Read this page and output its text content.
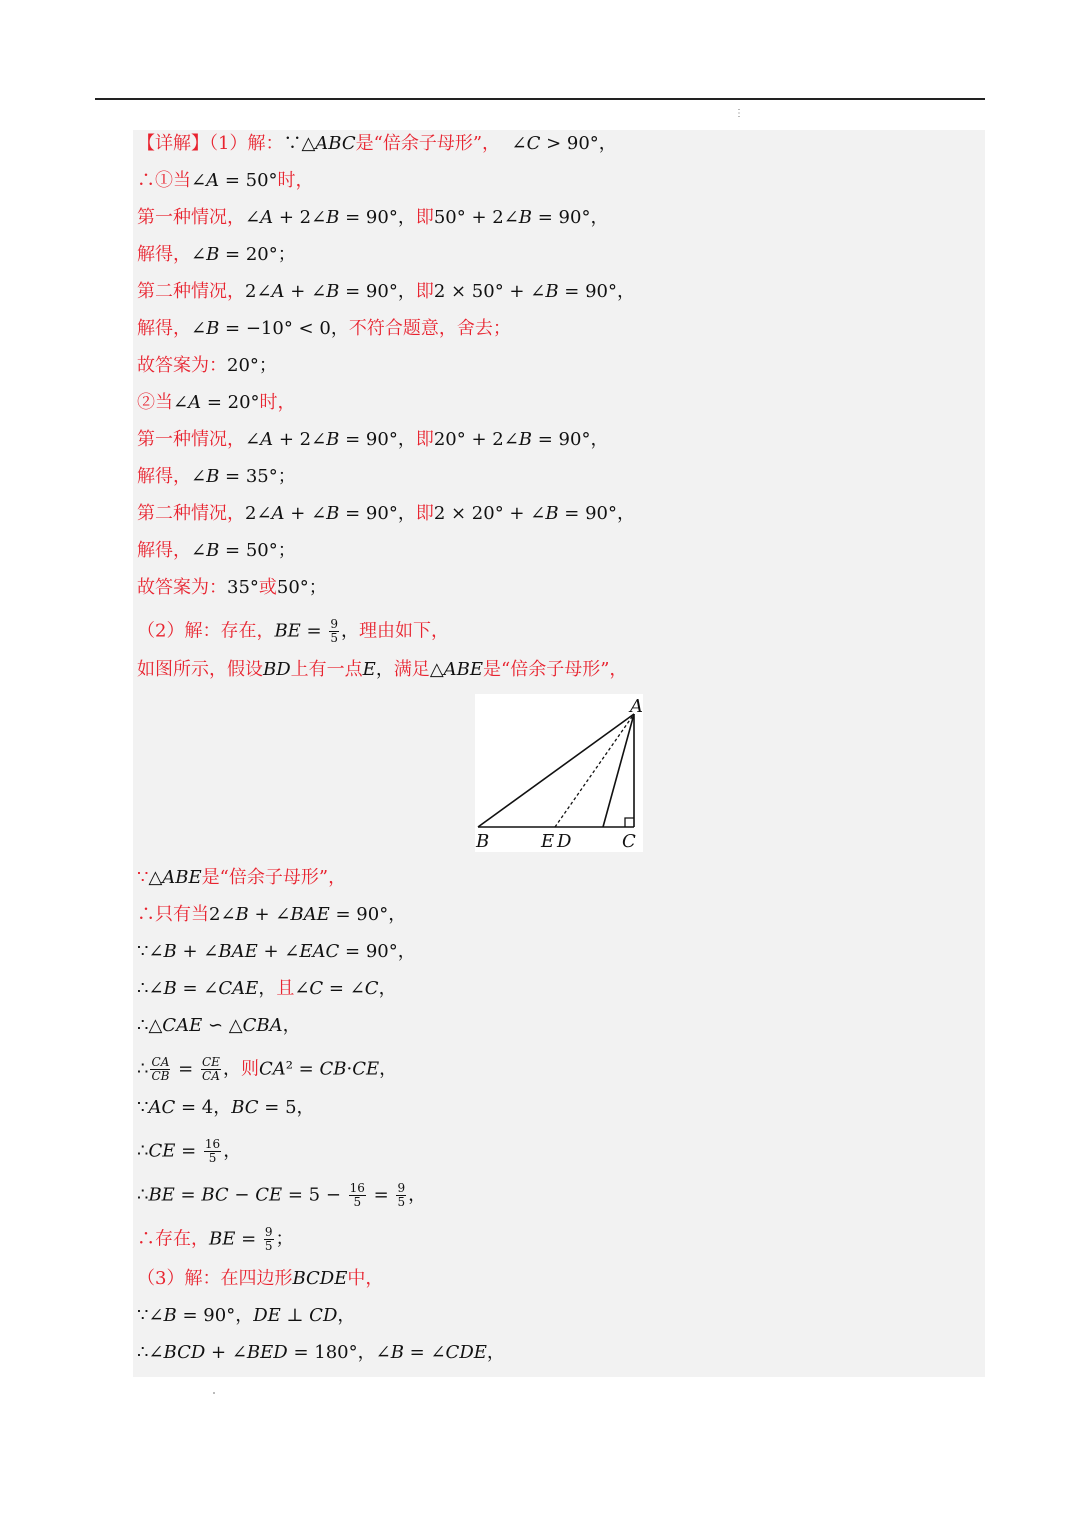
⋮
【详解】（1）解：∵△ABC是“倍余子母形”，  ∠C > 90°，
∴①当∠A = 50°时，
第一种情况，∠A + 2∠B = 90°，即50° + 2∠B = 90°，
解得，∠B = 20°；
第二种情况，2∠A + ∠B = 90°，即2 × 50° + ∠B = 90°，
解得，∠B = −10° < 0，不符合题意，舍去；
故答案为：20°；
②当∠A = 20°时，
第一种情况，∠A + 2∠B = 90°，即20° + 2∠B = 90°，
解得，∠B = 35°；
第二种情况，2∠A + ∠B = 90°，即2 × 20° + ∠B = 90°，
解得，∠B = 50°；
故答案为：35°或50°；
（2）解：存在，BE = $\frac{9}{5}$ ，理由如下，
如图所示，假设BD上有一点E，满足△ABE是“倍余子母形”，
∵△ABE是“倍余子母形”，
∴只有当2∠B + ∠BAE = 90°，
∵∠B + ∠BAE + ∠EAC = 90°，
∴∠B = ∠CAE，且∠C = ∠C，
∴△CAE ∽ △CBA，
∴ $\frac{CA}{CB} = \frac{CE}{CA}$ ，则CA² = CB·CE，
∵AC = 4，BC = 5，
∴CE = $\frac{16}{5}$ ，
∴BE = BC − CE = $5 - \frac{16}{5} = \frac{9}{5}$ ，
∴存在，BE = $\frac{9}{5}$ ；
（3）解：在四边形BCDE中，
∵∠B = 90°，DE ⊥ CD，
∴∠BCD + ∠BED = 180°，∠B = ∠CDE，
A
B	E D	C
